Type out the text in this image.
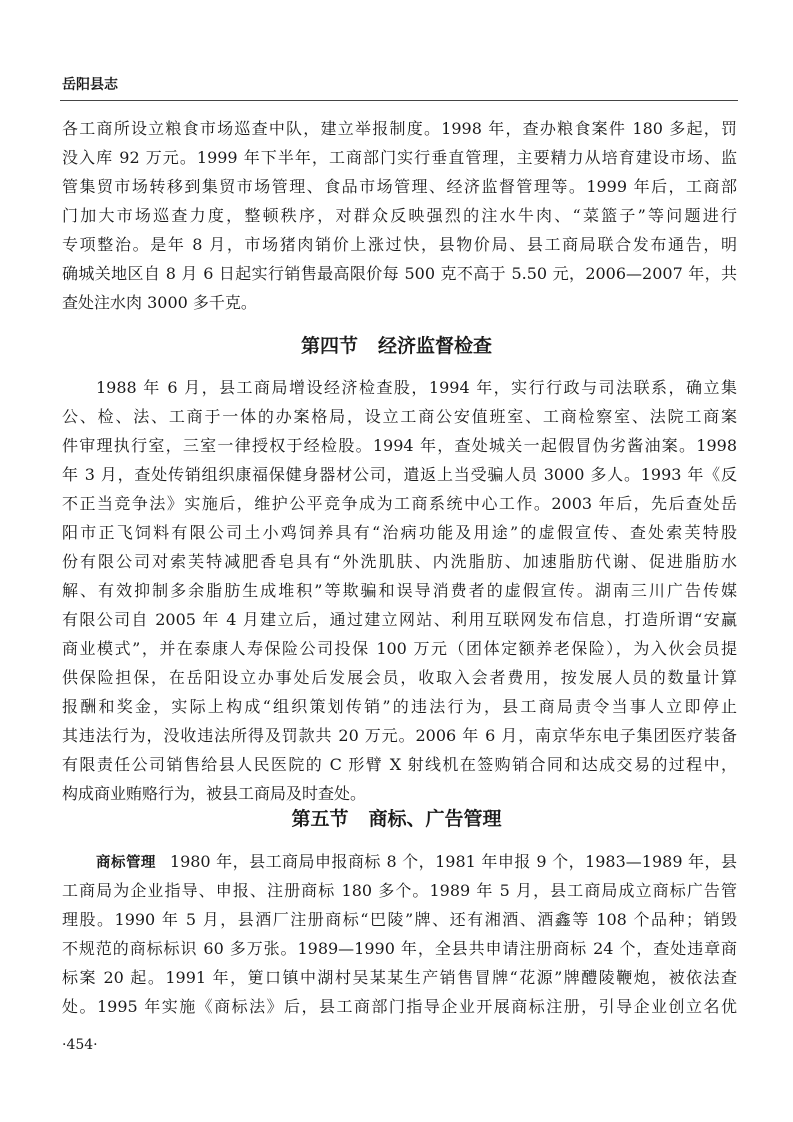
岳阳县志
各工商所设立粮食市场巡查中队，建立举报制度。1998 年，查办粮食案件 180 多起，罚
没入库 92 万元。1999 年下半年，工商部门实行垂直管理，主要精力从培育建设市场、监
管集贸市场转移到集贸市场管理、食品市场管理、经济监督管理等。1999 年后，工商部
门加大市场巡查力度，整顿秩序，对群众反映强烈的注水牛肉、“菜篮子”等问题进行
专项整治。是年 8 月，市场猪肉销价上涨过快，县物价局、县工商局联合发布通告，明
确城关地区自 8 月 6 日起实行销售最高限价每 500 克不高于 5.50 元，2006—2007 年，共
查处注水肉 3000 多千克。
第四节 经济监督检查
1988 年 6 月，县工商局增设经济检查股，1994 年，实行行政与司法联系，确立集
公、检、法、工商于一体的办案格局，设立工商公安值班室、工商检察室、法院工商案
件审理执行室，三室一律授权于经检股。1994 年，查处城关一起假冒伪劣酱油案。1998
年 3 月，查处传销组织康福保健身器材公司，遣返上当受骗人员 3000 多人。1993 年《反
不正当竞争法》实施后，维护公平竞争成为工商系统中心工作。2003 年后，先后查处岳
阳市正飞饲料有限公司土小鸡饲养具有“治病功能及用途”的虚假宣传、查处索芙特股
份有限公司对索芙特减肥香皂具有“外洗肌肤、内洗脂肪、加速脂肪代谢、促进脂肪水
解、有效抑制多余脂肪生成堆积”等欺骗和误导消费者的虚假宣传。湖南三川广告传媒
有限公司自 2005 年 4 月建立后，通过建立网站、利用互联网发布信息，打造所谓“安赢
商业模式”，并在泰康人寿保险公司投保 100 万元（团体定额养老保险），为入伙会员提
供保险担保，在岳阳设立办事处后发展会员，收取入会者费用，按发展人员的数量计算
报酬和奖金，实际上构成“组织策划传销”的违法行为，县工商局责令当事人立即停止
其违法行为，没收违法所得及罚款共 20 万元。2006 年 6 月，南京华东电子集团医疗装备
有限责任公司销售给县人民医院的 C 形臂 X 射线机在签购销合同和达成交易的过程中，
构成商业贿赂行为，被县工商局及时查处。
第五节 商标、广告管理
商标管理 1980 年，县工商局申报商标 8 个，1981 年申报 9 个，1983—1989 年，县
工商局为企业指导、申报、注册商标 180 多个。1989 年 5 月，县工商局成立商标广告管
理股。1990 年 5 月，县酒厂注册商标“巴陵”牌、还有湘酒、酒鑫等 108 个品种；销毁
不规范的商标标识 60 多万张。1989—1990 年，全县共申请注册商标 24 个，查处违章商
标案 20 起。1991 年，筻口镇中湖村吴某某生产销售冒牌“花源”牌醴陵鞭炮，被依法查
处。1995 年实施《商标法》后，县工商部门指导企业开展商标注册，引导企业创立名优
·454·
